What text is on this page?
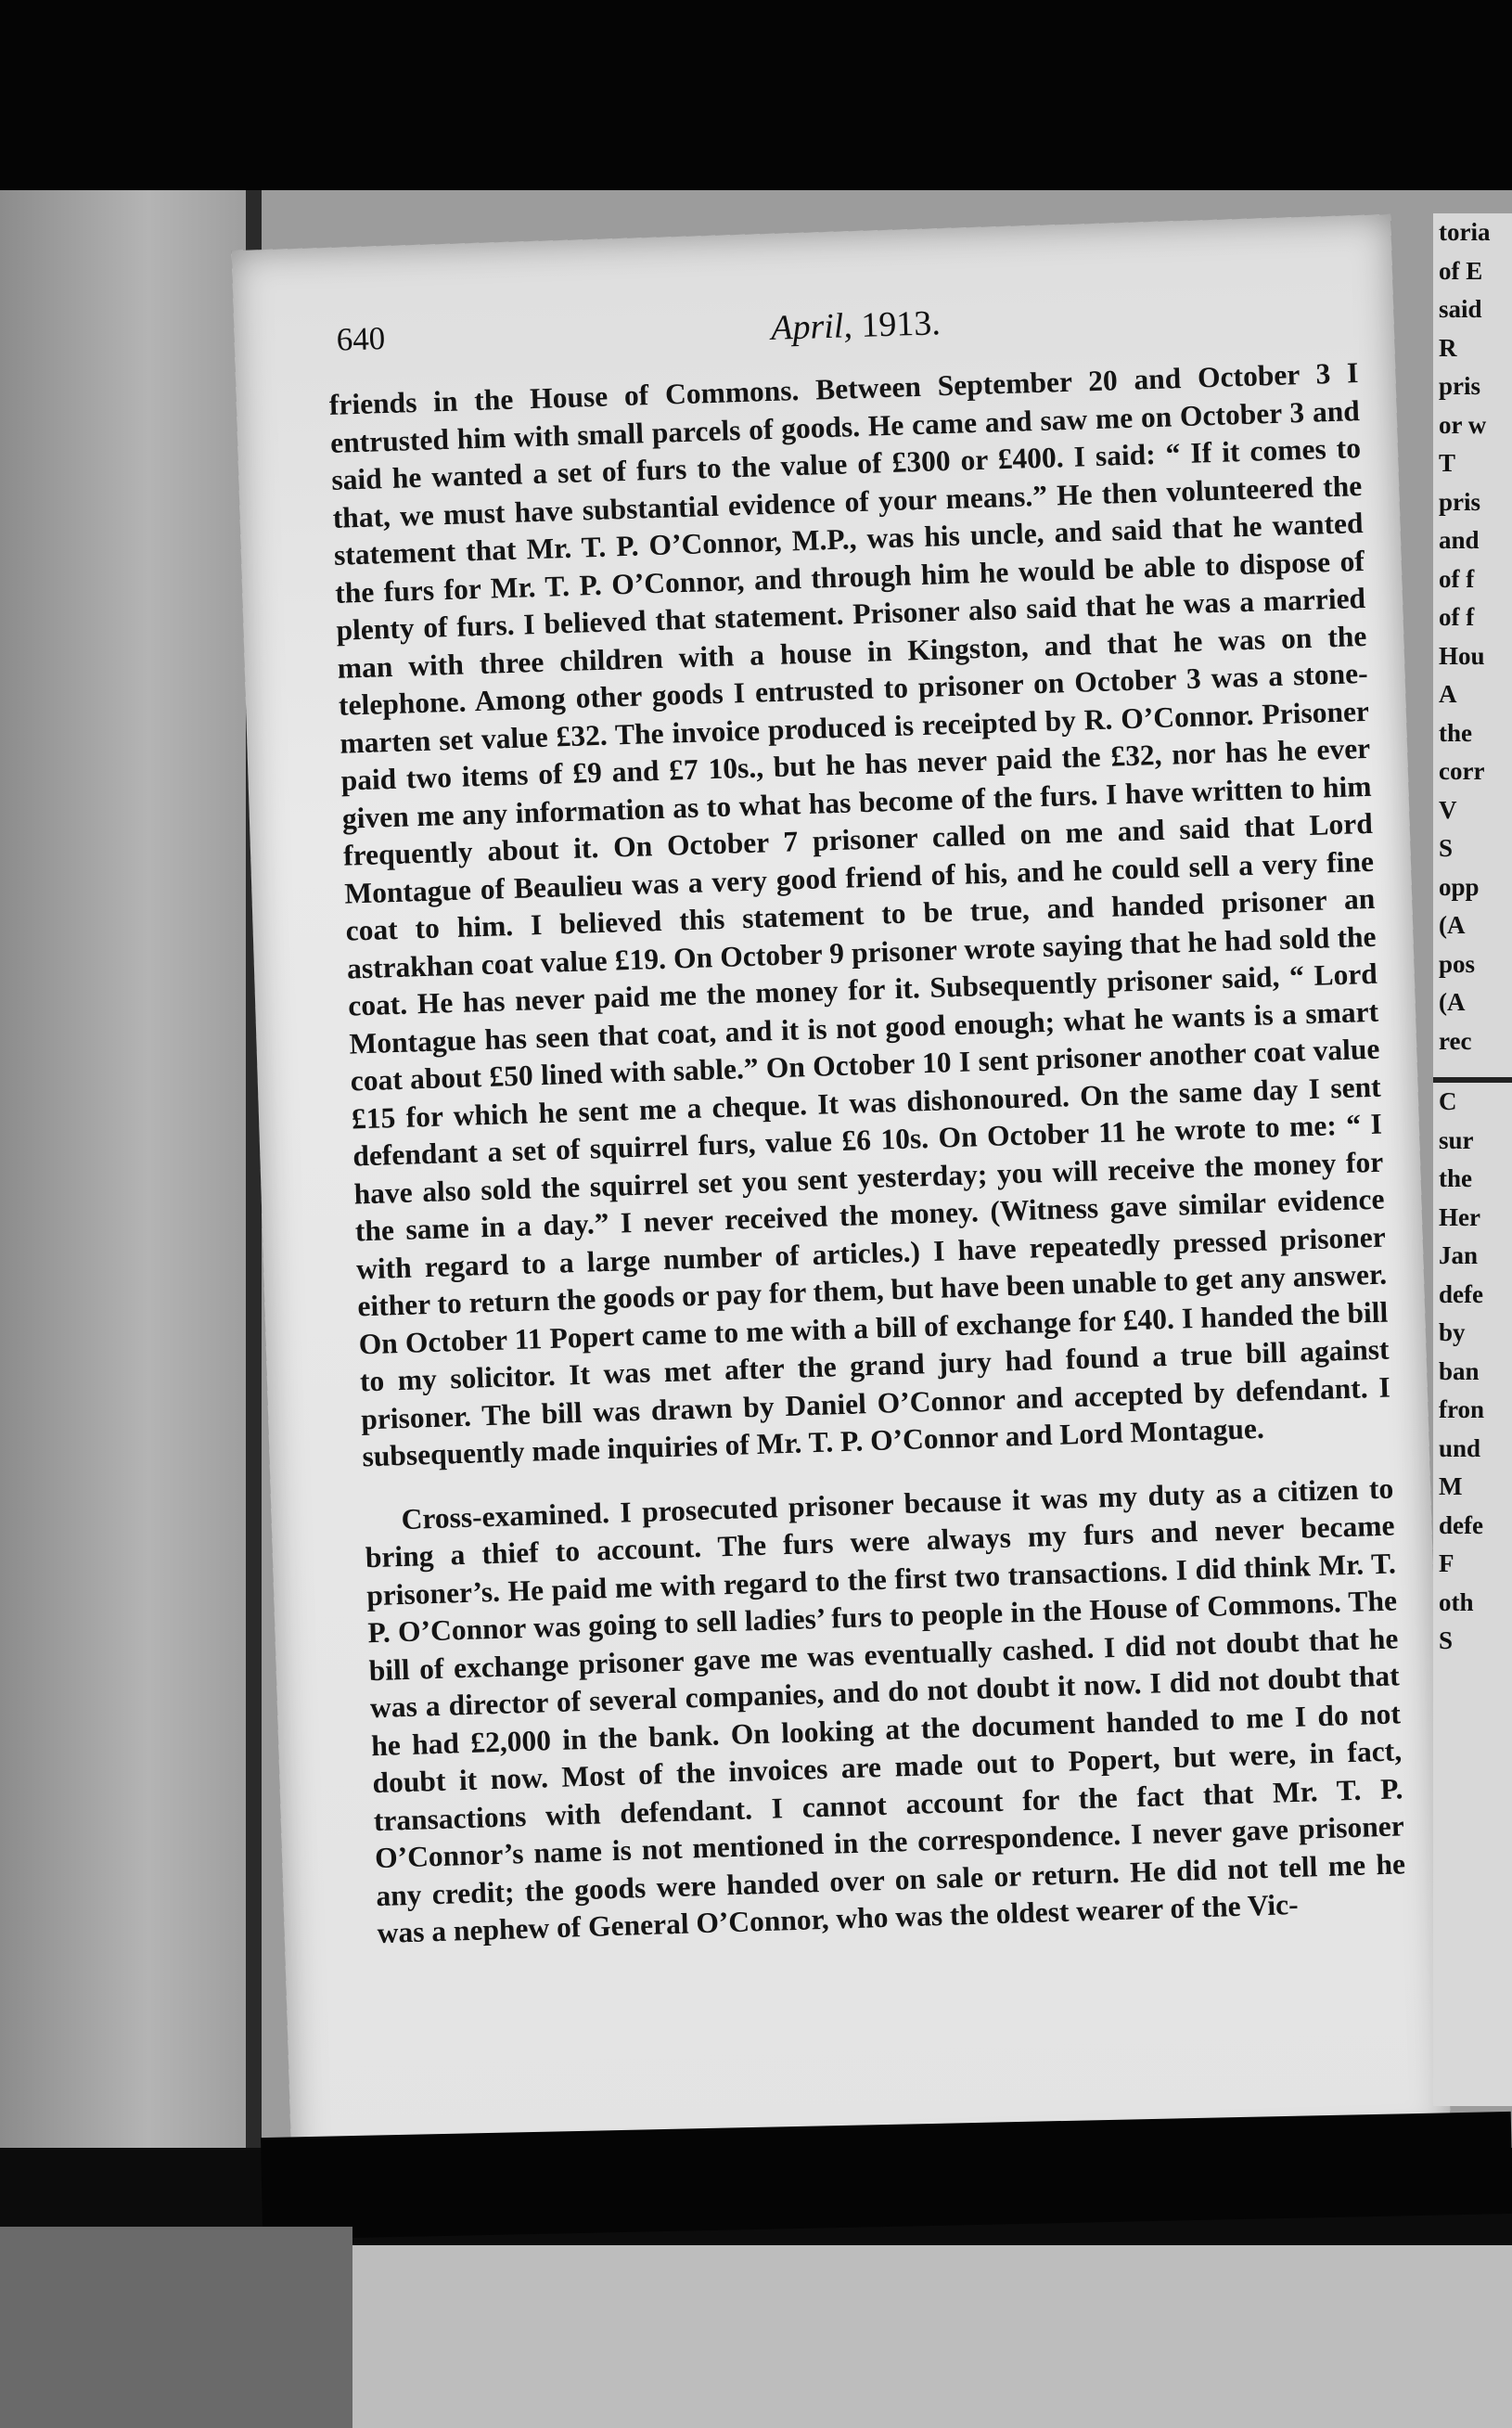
640	April, 1913.

friends in the House of Commons. Between September 20 and October 3 I entrusted him with small parcels of goods. He came and saw me on October 3 and said he wanted a set of furs to the value of £300 or £400. I said: “ If it comes to that, we must have substantial evidence of your means.” He then volunteered the statement that Mr. T. P. O’Connor, M.P., was his uncle, and said that he wanted the furs for Mr. T. P. O’Connor, and through him he would be able to dispose of plenty of furs. I believed that statement. Prisoner also said that he was a married man with three children with a house in Kingston, and that he was on the telephone. Among other goods I entrusted to prisoner on October 3 was a stone-marten set value £32. The invoice produced is receipted by R. O’Connor. Prisoner paid two items of £9 and £7 10s., but he has never paid the £32, nor has he ever given me any information as to what has become of the furs. I have written to him frequently about it. On October 7 prisoner called on me and said that Lord Montague of Beaulieu was a very good friend of his, and he could sell a very fine coat to him. I believed this statement to be true, and handed prisoner an astrakhan coat value £19. On October 9 prisoner wrote saying that he had sold the coat. He has never paid me the money for it. Subsequently prisoner said, “ Lord Montague has seen that coat, and it is not good enough; what he wants is a smart coat about £50 lined with sable.” On October 10 I sent prisoner another coat value £15 for which he sent me a cheque. It was dishonoured. On the same day I sent defendant a set of squirrel furs, value £6 10s. On October 11 he wrote to me: “ I have also sold the squirrel set you sent yesterday; you will receive the money for the same in a day.” I never received the money. (Witness gave similar evidence with regard to a large number of articles.) I have repeatedly pressed prisoner either to return the goods or pay for them, but have been unable to get any answer. On October 11 Popert came to me with a bill of exchange for £40. I handed the bill to my solicitor. It was met after the grand jury had found a true bill against prisoner. The bill was drawn by Daniel O’Connor and accepted by defendant. I subsequently made inquiries of Mr. T. P. O’Connor and Lord Montague.

Cross-examined. I prosecuted prisoner because it was my duty as a citizen to bring a thief to account. The furs were always my furs and never became prisoner’s. He paid me with regard to the first two transactions. I did think Mr. T. P. O’Connor was going to sell ladies’ furs to people in the House of Commons. The bill of exchange prisoner gave me was eventually cashed. I did not doubt that he was a director of several companies, and do not doubt it now. I did not doubt that he had £2,000 in the bank. On looking at the document handed to me I do not doubt it now. Most of the invoices are made out to Popert, but were, in fact, transactions with defendant. I cannot account for the fact that Mr. T. P. O’Connor’s name is not mentioned in the correspondence. I never gave prisoner any credit; the goods were handed over on sale or return. He did not tell me he was a nephew of General O’Connor, who was the oldest wearer of the Vic-

toria
of E
said
R
pris
or w
T
pris
and
of f
of f
Hou
A
the
corr
V
S
opp
(A
pos
(A
rec
C
sur
the
Her
Jan
defe
by
ban
fron
und
M
defe
F
oth
S
